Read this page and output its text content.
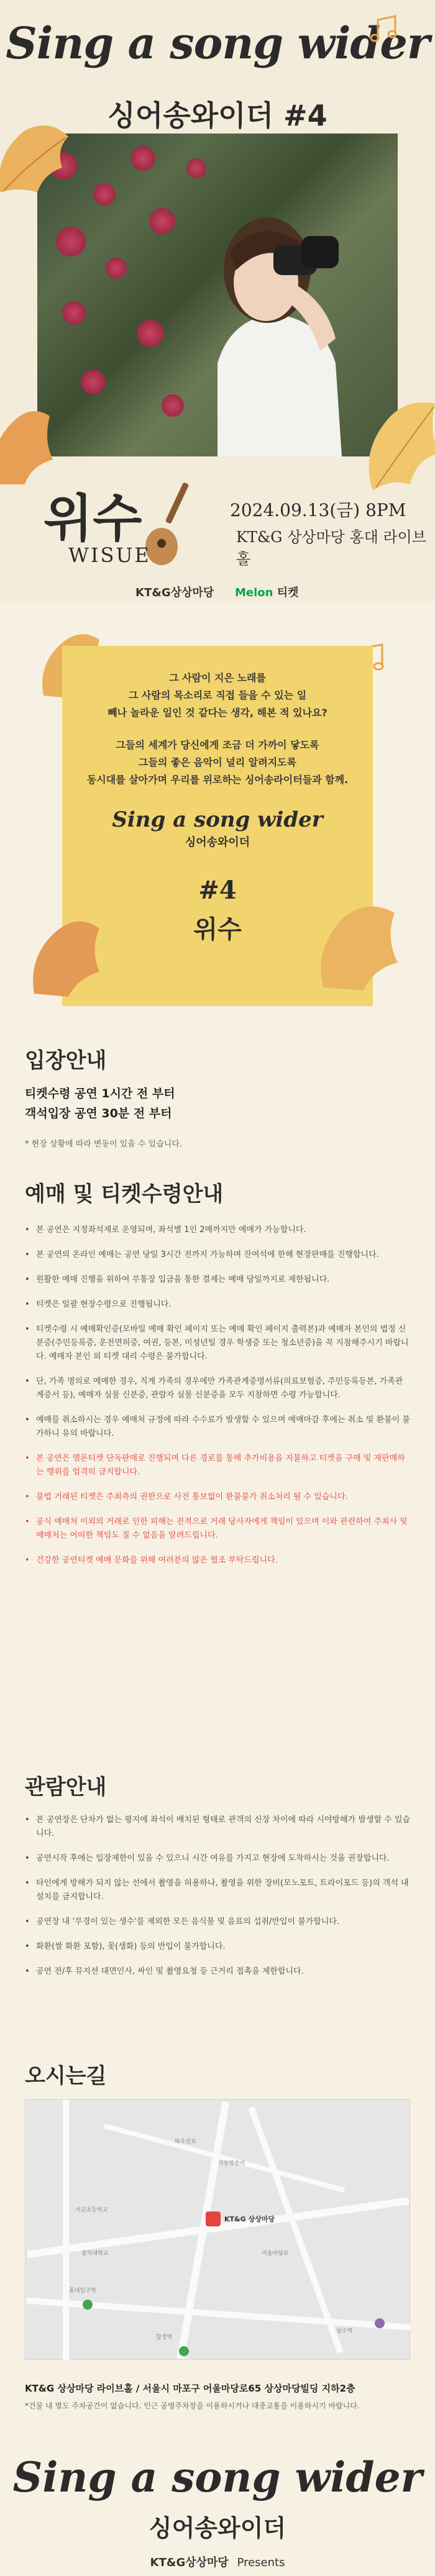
Sing a song wider
싱어송와이더 #4
위수
WISUE
2024.09.13(금) 8PM
KT&G 상상마당 홍대 라이브홀
KT&G상상마당 Melon 티켓

그 사람이 지은 노래를
그 사람의 목소리로 직접 들을 수 있는 일
빼나 놀라운 일인 것 같다는 생각, 해본 적 있나요?

그들의 세계가 당신에게 조금 더 가까이 닿도록
그들의 좋은 음악이 널리 알려지도록
동시대를 살아가며 우리를 위로하는 싱어송라이터들과 함께.

Sing a song wider
싱어송와이더
#4
위수
입장안내
티켓수령 공연 1시간 전 부터
객석입장 공연 30분 전 부터
* 현장 상황에 따라 변동이 있을 수 있습니다.
예매 및 티켓수령안내
• 본 공연은 지정좌석제로 운영되며, 좌석별 1인 2매까지만 예매가 가능합니다.
• 본 공연의 온라인 예매는 공연 당일 3시간 전까지 가능하며 잔여석에 한해 현장판매를 진행합니다.
• 원활한 예매 진행을 위하여 무통장 입금을 통한 결제는 예매 당일까지로 제한됩니다.
• 티켓은 일괄 현장수령으로 진행됩니다.
• 티켓수령 시 예매확인증(모바일 예매 확인 페이지 또는 예매 확인 페이지 출력본)과 예매자 본인의 법정 신분증(주민등록증, 운전면허증, 여권, 등본, 미성년일 경우 학생증 또는 청소년증)을 꼭 지참해주시기 바랍니다. 예매자 본인 외 티켓 대리 수령은 불가합니다.
• 단, 가족 명의로 예매한 경우, 직계 가족의 경우에만 가족관계증명서류(의료보험증, 주민등록등본, 가족관계증서 등), 예매자 실물 신분증, 관람자 실물 신분증을 모두 지참하면 수령 가능합니다.
• 예매를 취소하시는 경우 예매처 규정에 따라 수수료가 발생할 수 있으며 예매마감 후에는 취소 및 환불이 불가하니 유의 바랍니다.
• 본 공연은 멜론티켓 단독판매로 진행되며 다른 경로를 통해 추가비용을 지불하고 티켓을 구매 및 재판매하는 행위를 엄격히 금지합니다.
• 불법 거래된 티켓은 주최측의 권한으로 사전 통보없이 환불불가 취소처리 될 수 있습니다.
• 공식 예매처 이외의 거래로 인한 피해는 전적으로 거래 당사자에게 책임이 있으며 이와 관련하여 주최사 및 예매처는 어떠한 책임도 질 수 없음을 알려드립니다.
• 건강한 공연티켓 예매 문화를 위해 여러분의 많은 협조 부탁드립니다.
관람안내
• 본 공연장은 단차가 없는 평지에 좌석이 배치된 형태로 관객의 신장 차이에 따라 시야방해가 발생할 수 있습니다.
• 공연시작 후에는 입장제한이 있을 수 있으니 시간 여유를 가지고 현장에 도착하시는 것을 권장합니다.
• 타인에게 방해가 되지 않는 선에서 촬영을 허용하나, 촬영을 위한 장비(모노포트, 트라이포드 등)의 객석 내 설치를 금지합니다.
• 공연장 내 '무경이 있는 생수'를 제외한 모든 음식물 및 음료의 섭취/반입이 불가합니다.
• 화환(쌀 화환 포함), 꽃(생화) 등의 반입이 불가합니다.
• 공연 전/후 뮤지션 대면인사, 싸인 및 촬영요청 등 근거리 접촉을 제한합니다.
오시는길
극동방송국
서교초등학교
홍익대학교
홍대입구역
상수역
합정역
어울마당로
와우산로
KT&G 상상마당
KT&G 상상마당 라이브홀 / 서울시 마포구 어울마당로65 상상마당빌딩 지하2층
*건물 내 별도 주차공간이 없습니다. 인근 공영주차장을 이용하시거나 대중교통을 이용하시기 바랍니다.
Sing a song wider
싱어송와이더
KT&G상상마당 Presents
